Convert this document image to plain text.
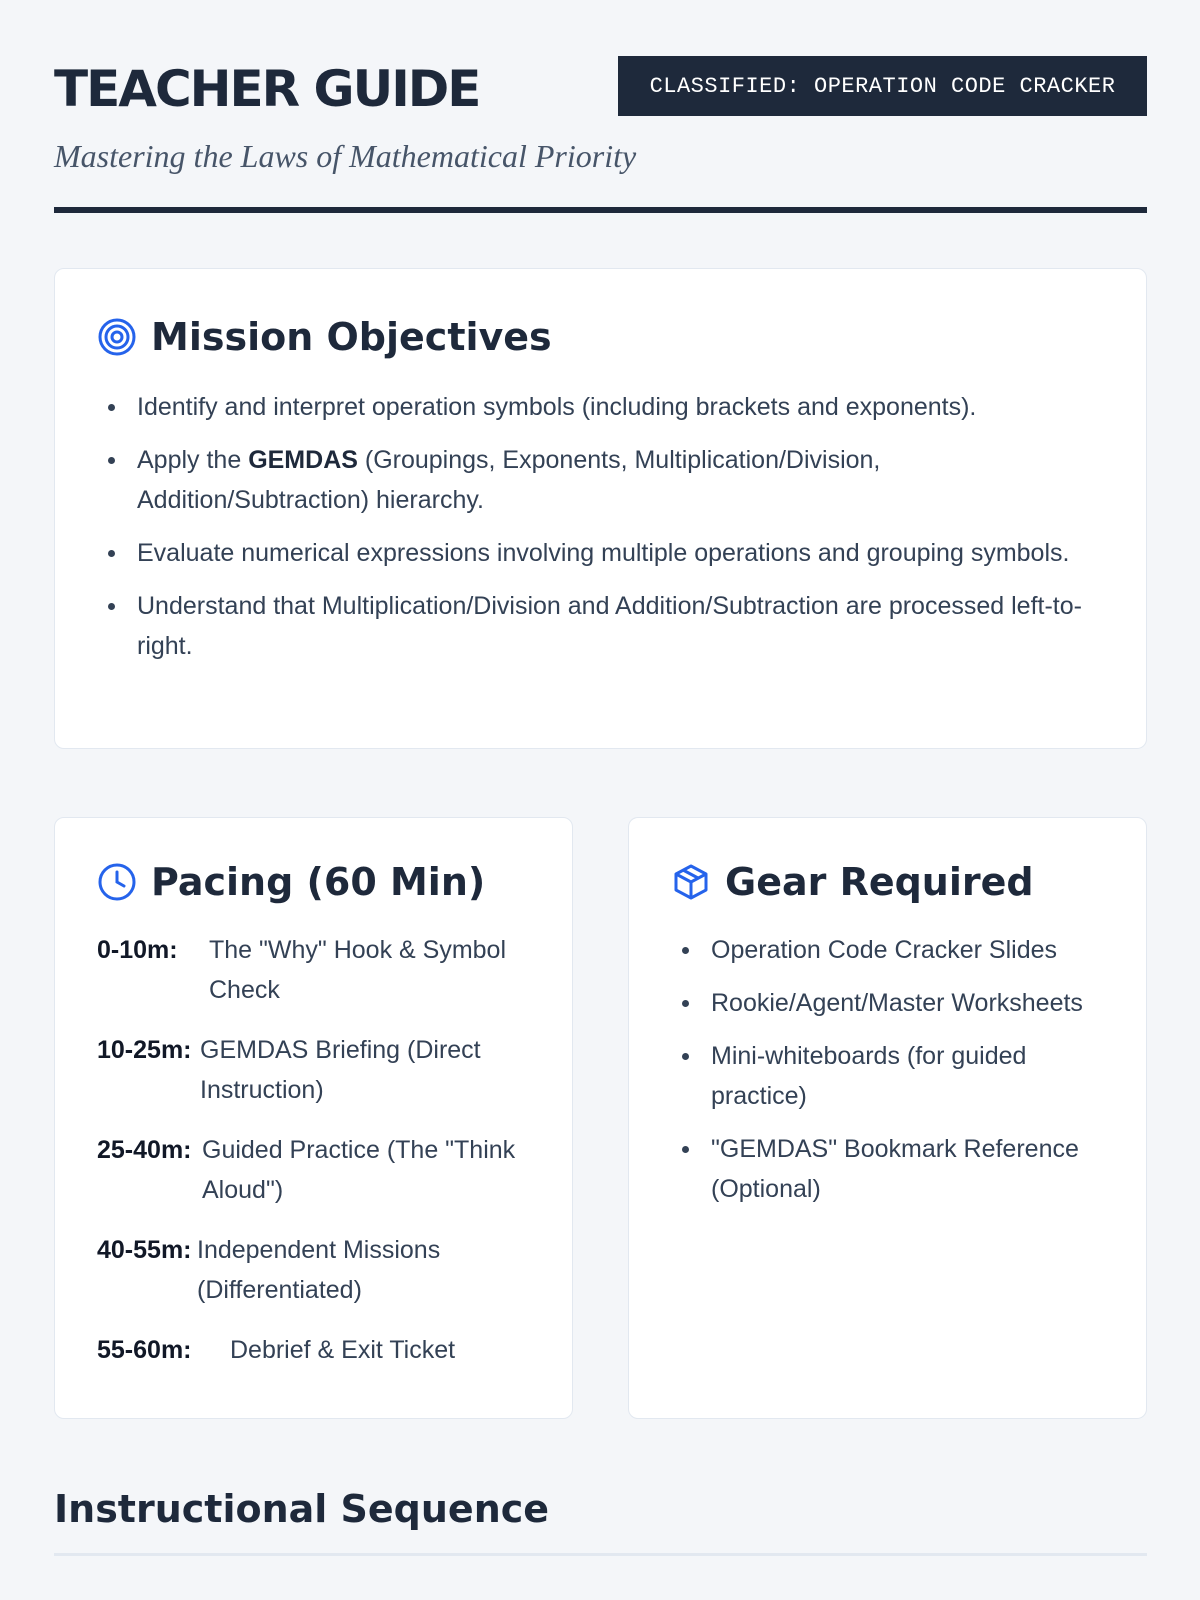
TEACHER GUIDE	CLASSIFIED: OPERATION CODE CRACKER
Mastering the Laws of Mathematical Priority
Mission Objectives
Identify and interpret operation symbols (including brackets and exponents).
Apply the GEMDAS (Groupings, Exponents, Multiplication/Division, Addition/Subtraction) hierarchy.
Evaluate numerical expressions involving multiple operations and grouping symbols.
Understand that Multiplication/Division and Addition/Subtraction are processed left-to-right.
Pacing (60 Min)
0-10m:	The "Why" Hook & Symbol Check
10-25m: GEMDAS Briefing (Direct Instruction)
25-40m: Guided Practice (The "Think Aloud")
40-55m: Independent Missions (Differentiated)
55-60m:	Debrief & Exit Ticket
Gear Required
Operation Code Cracker Slides
Rookie/Agent/Master Worksheets
Mini-whiteboards (for guided practice)
"GEMDAS" Bookmark Reference (Optional)
Instructional Sequence
